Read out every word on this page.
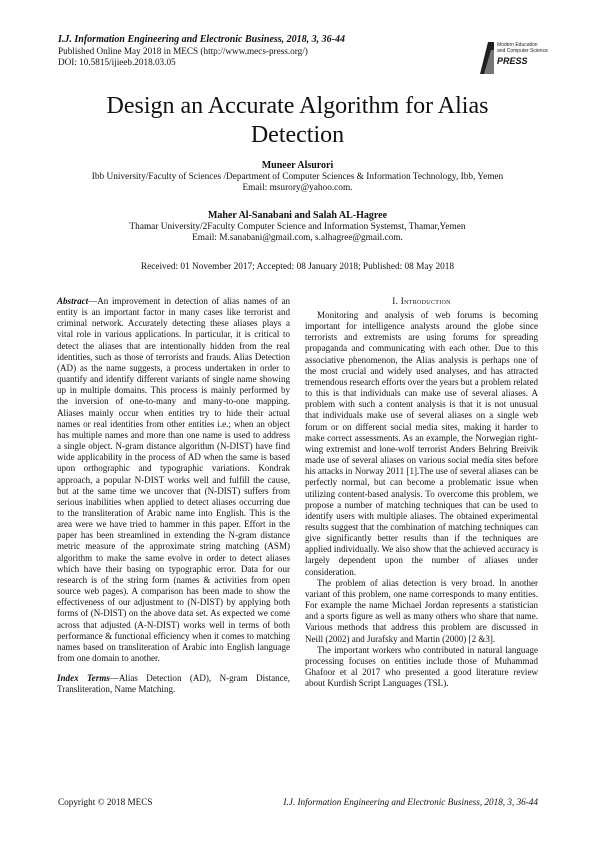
I.J. Information Engineering and Electronic Business, 2018, 3, 36-44
Published Online May 2018 in MECS (http://www.mecs-press.org/)
DOI: 10.5815/ijieeb.2018.03.05
Modern Education
and Computer Science
PRESS
Design an Accurate Algorithm for Alias Detection
Muneer Alsurori
Ibb University/Faculty of Sciences /Department of Computer Sciences & Information Technology, Ibb, Yemen
Email: msurory@yahoo.com.
Maher Al-Sanabani and Salah AL-Hagree
Thamar University/2Faculty Computer Science and Information Systemst, Thamar,Yemen
Email: M.sanabani@gmail.com, s.alhagree@gmail.com.
Received: 01 November 2017; Accepted: 08 January 2018; Published: 08 May 2018

Abstract—An improvement in detection of alias names of an entity is an important factor in many cases like terrorist and criminal network. Accurately detecting these aliases plays a vital role in various applications. In particular, it is critical to detect the aliases that are intentionally hidden from the real identities, such as those of terrorists and frauds. Alias Detection (AD) as the name suggests, a process undertaken in order to quantify and identify different variants of single name showing up in multiple domains. This process is mainly performed by the inversion of one-to-many and many-to-one mapping. Aliases mainly occur when entities try to hide their actual names or real identities from other entities i.e.; when an object has multiple names and more than one name is used to address a single object. N-gram distance algorithm (N-DIST) have find wide applicability in the process of AD when the same is based upon orthographic and typographic variations. Kondrak approach, a popular N-DIST works well and fulfill the cause, but at the same time we uncover that (N-DIST) suffers from serious inabilities when applied to detect aliases occurring due to the transliteration of Arabic name into English. This is the area were we have tried to hammer in this paper. Effort in the paper has been streamlined in extending the N-gram distance metric measure of the approximate string matching (ASM) algorithm to make the same evolve in order to detect aliases which have their basing on typographic error. Data for our research is of the string form (names & activities from open source web pages). A comparison has been made to show the effectiveness of our adjustment to (N-DIST) by applying both forms of (N-DIST) on the above data set. As expected we come across that adjusted (A-N-DIST) works well in terms of both performance & functional efficiency when it comes to matching names based on transliteration of Arabic into English language from one domain to another.

Index Terms—Alias Detection (AD), N-gram Distance, Transliteration, Name Matching.

I. Introduction

Monitoring and analysis of web forums is becoming important for intelligence analysts around the globe since terrorists and extremists are using forums for spreading propaganda and communicating with each other. Due to this associative phenomenon, the Alias analysis is perhaps one of the most crucial and widely used analyses, and has attracted tremendous research efforts over the years but a problem related to this is that individuals can make use of several aliases. A problem with such a content analysis is that it is not unusual that individuals make use of several aliases on a single web forum or on different social media sites, making it harder to make correct assessments. As an example, the Norwegian right-wing extremist and lone-wolf terrorist Anders Behring Breivik made use of several aliases on various social media sites before his attacks in Norway 2011 [1].The use of several aliases can be perfectly normal, but can become a problematic issue when utilizing content-based analysis. To overcome this problem, we propose a number of matching techniques that can be used to identify users with multiple aliases. The obtained experimental results suggest that the combination of matching techniques can give significantly better results than if the techniques are applied individually. We also show that the achieved accuracy is largely dependent upon the number of aliases under consideration.

The problem of alias detection is very broad. In another variant of this problem, one name corresponds to many entities. For example the name Michael Jordan represents a statistician and a sports figure as well as many others who share that name. Various methods that address this problem are discussed in Neill (2002) and Jurafsky and Martin (2000) [2 &3].

The important workers who contributed in natural language processing focuses on entities include those of Muhammad Ghafoor et al 2017 who presented a good literature review about Kurdish Script Languages (TSL).

Copyright © 2018 MECS	I.J. Information Engineering and Electronic Business, 2018, 3, 36-44
